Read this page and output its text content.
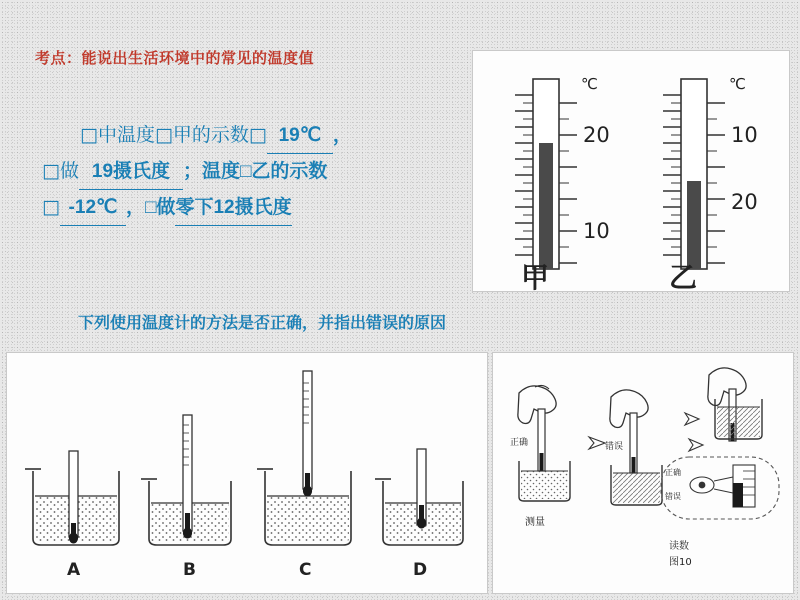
考点：能说出生活环境中的常见的温度值
□中温度□甲的示数□ 19℃ ，
□做 19摄氏度 ；温度□乙的示数
□ -12℃ ，□做零下12摄氏度
下列使用温度计的方法是否正确，并指出错误的原因
℃
20
10
甲
℃
10
20
乙
A	B	C	D
正确
测量
错误
正确
错误
读数
图10
